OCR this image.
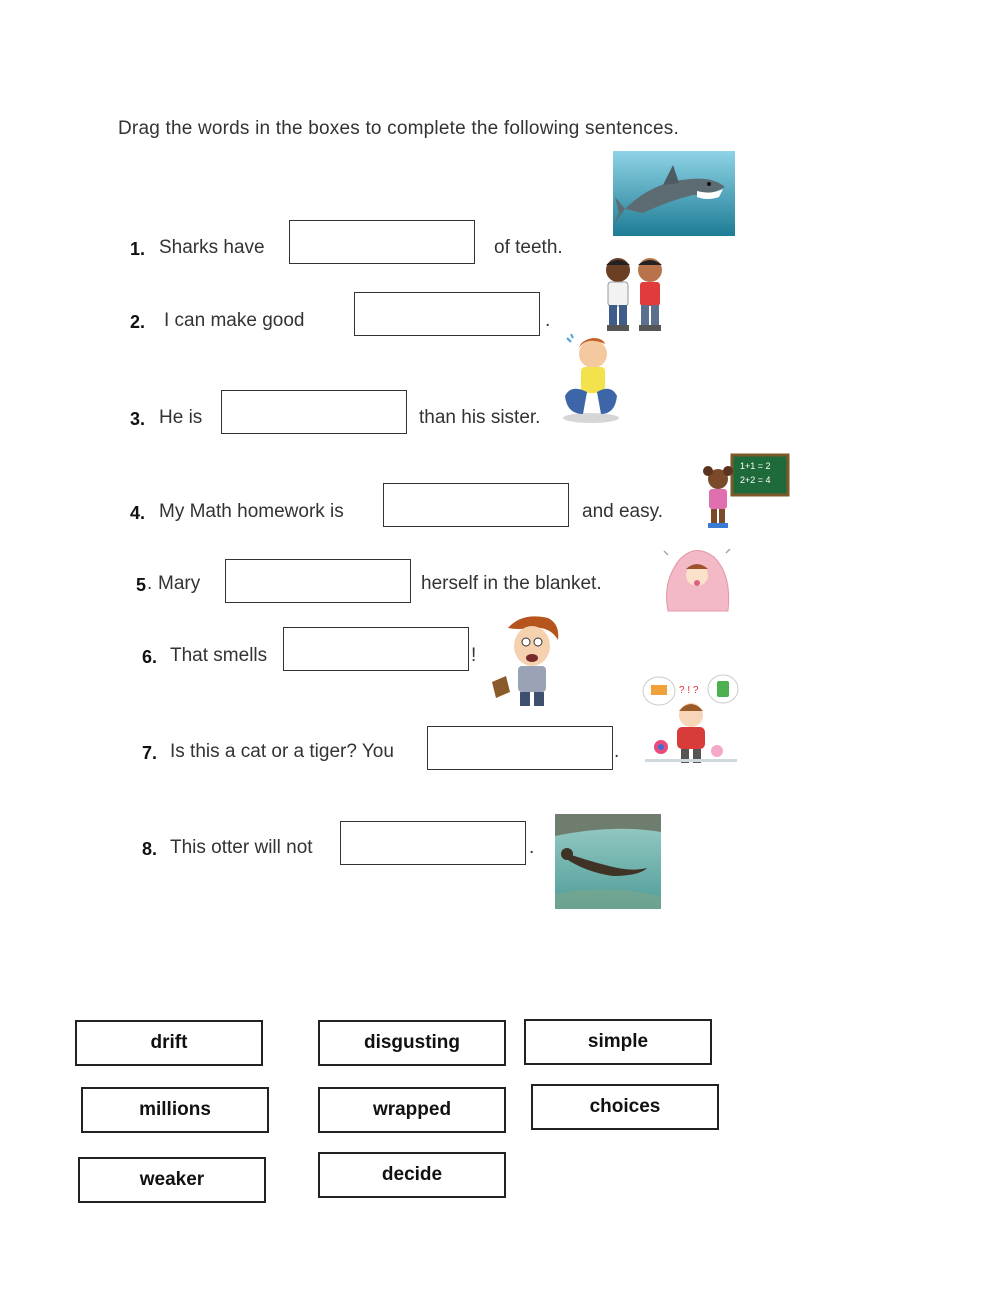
Drag the words in the boxes to complete the following sentences.
1. Sharks have	of teeth.
2. I can make good	.
3. He is	than his sister.
4. My Math homework is	and easy.
5 . Mary	herself in the blanket.
6. That smells	!
7. Is this a cat or a tiger? You	.
8. This otter will not	.
1+1 = 2
2+2 = 4
? ! ?
drift	disgusting	simple
millions	wrapped	choices
weaker	decide
